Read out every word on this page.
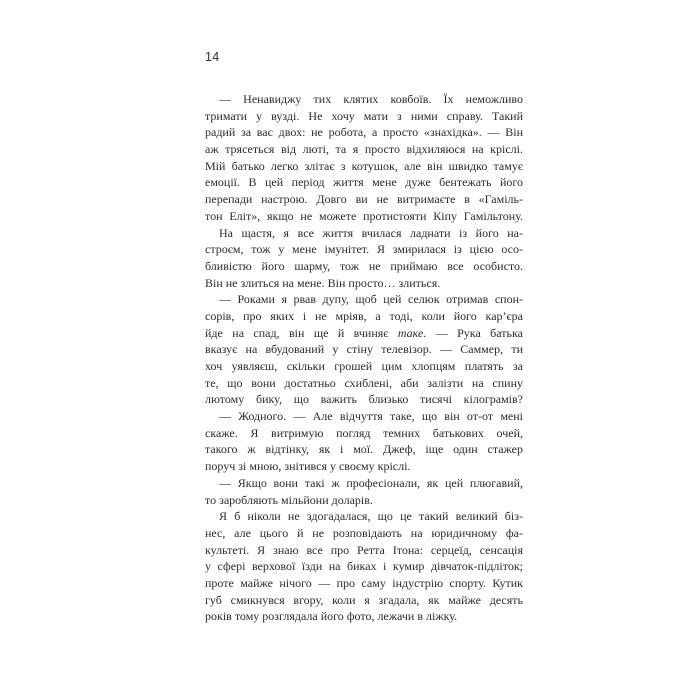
14
— Ненавиджу тих клятих ковбоїв. Їх неможливо
тримати у вузді. Не хочу мати з ними справу. Такий
радий за вас двох: не робота, а просто «знахідка». — Він
аж трясеться від люті, та я просто відхиляюся на кріслі.
Мій батько легко злітає з котушок, але він швидко тамує
емоції. В цей період життя мене дуже бентежать його
перепади настрою. Довго ви не витримаєте в «Гаміль-
тон Еліт», якщо не можете протистояти Кіпу Гамільтону.
На щастя, я все життя вчилася ладнати із його на-
строєм, тож у мене імунітет. Я змирилася із цією осо-
бливістю його шарму, тож не приймаю все особисто.
Він не злиться на мене. Він просто… злиться.
— Роками я рвав дупу, щоб цей селюк отримав спон-
сорів, про яких і не мріяв, а тоді, коли його кар’єра
йде на спад, він ще й вчиняє таке. — Рука батька
вказує на вбудований у стіну телевізор. — Саммер, ти
хоч уявляєш, скільки грошей цим хлопцям платять за
те, що вони достатньо схиблені, аби залізти на спину
лютому бику, що важить близько тисячі кілограмів?
— Жодного. — Але відчуття таке, що він от-от мені
скаже. Я витримую погляд темних батькових очей,
такого ж відтінку, як і мої. Джеф, іще один стажер
поруч зі мною, знітився у своєму кріслі.
— Якщо вони такі ж професіонали, як цей плюгавий,
то заробляють мільйони доларів.
Я б ніколи не здогадалася, що це такий великий біз-
нес, але цього й не розповідають на юридичному фа-
культеті. Я знаю все про Ретта Ітона: серцеїд, сенсація
у сфері верхової їзди на биках і кумир дівчаток-підліток;
проте майже нічого — про саму індустрію спорту. Кутик
губ смикнувся вгору, коли я згадала, як майже десять
років тому розглядала його фото, лежачи в ліжку.
